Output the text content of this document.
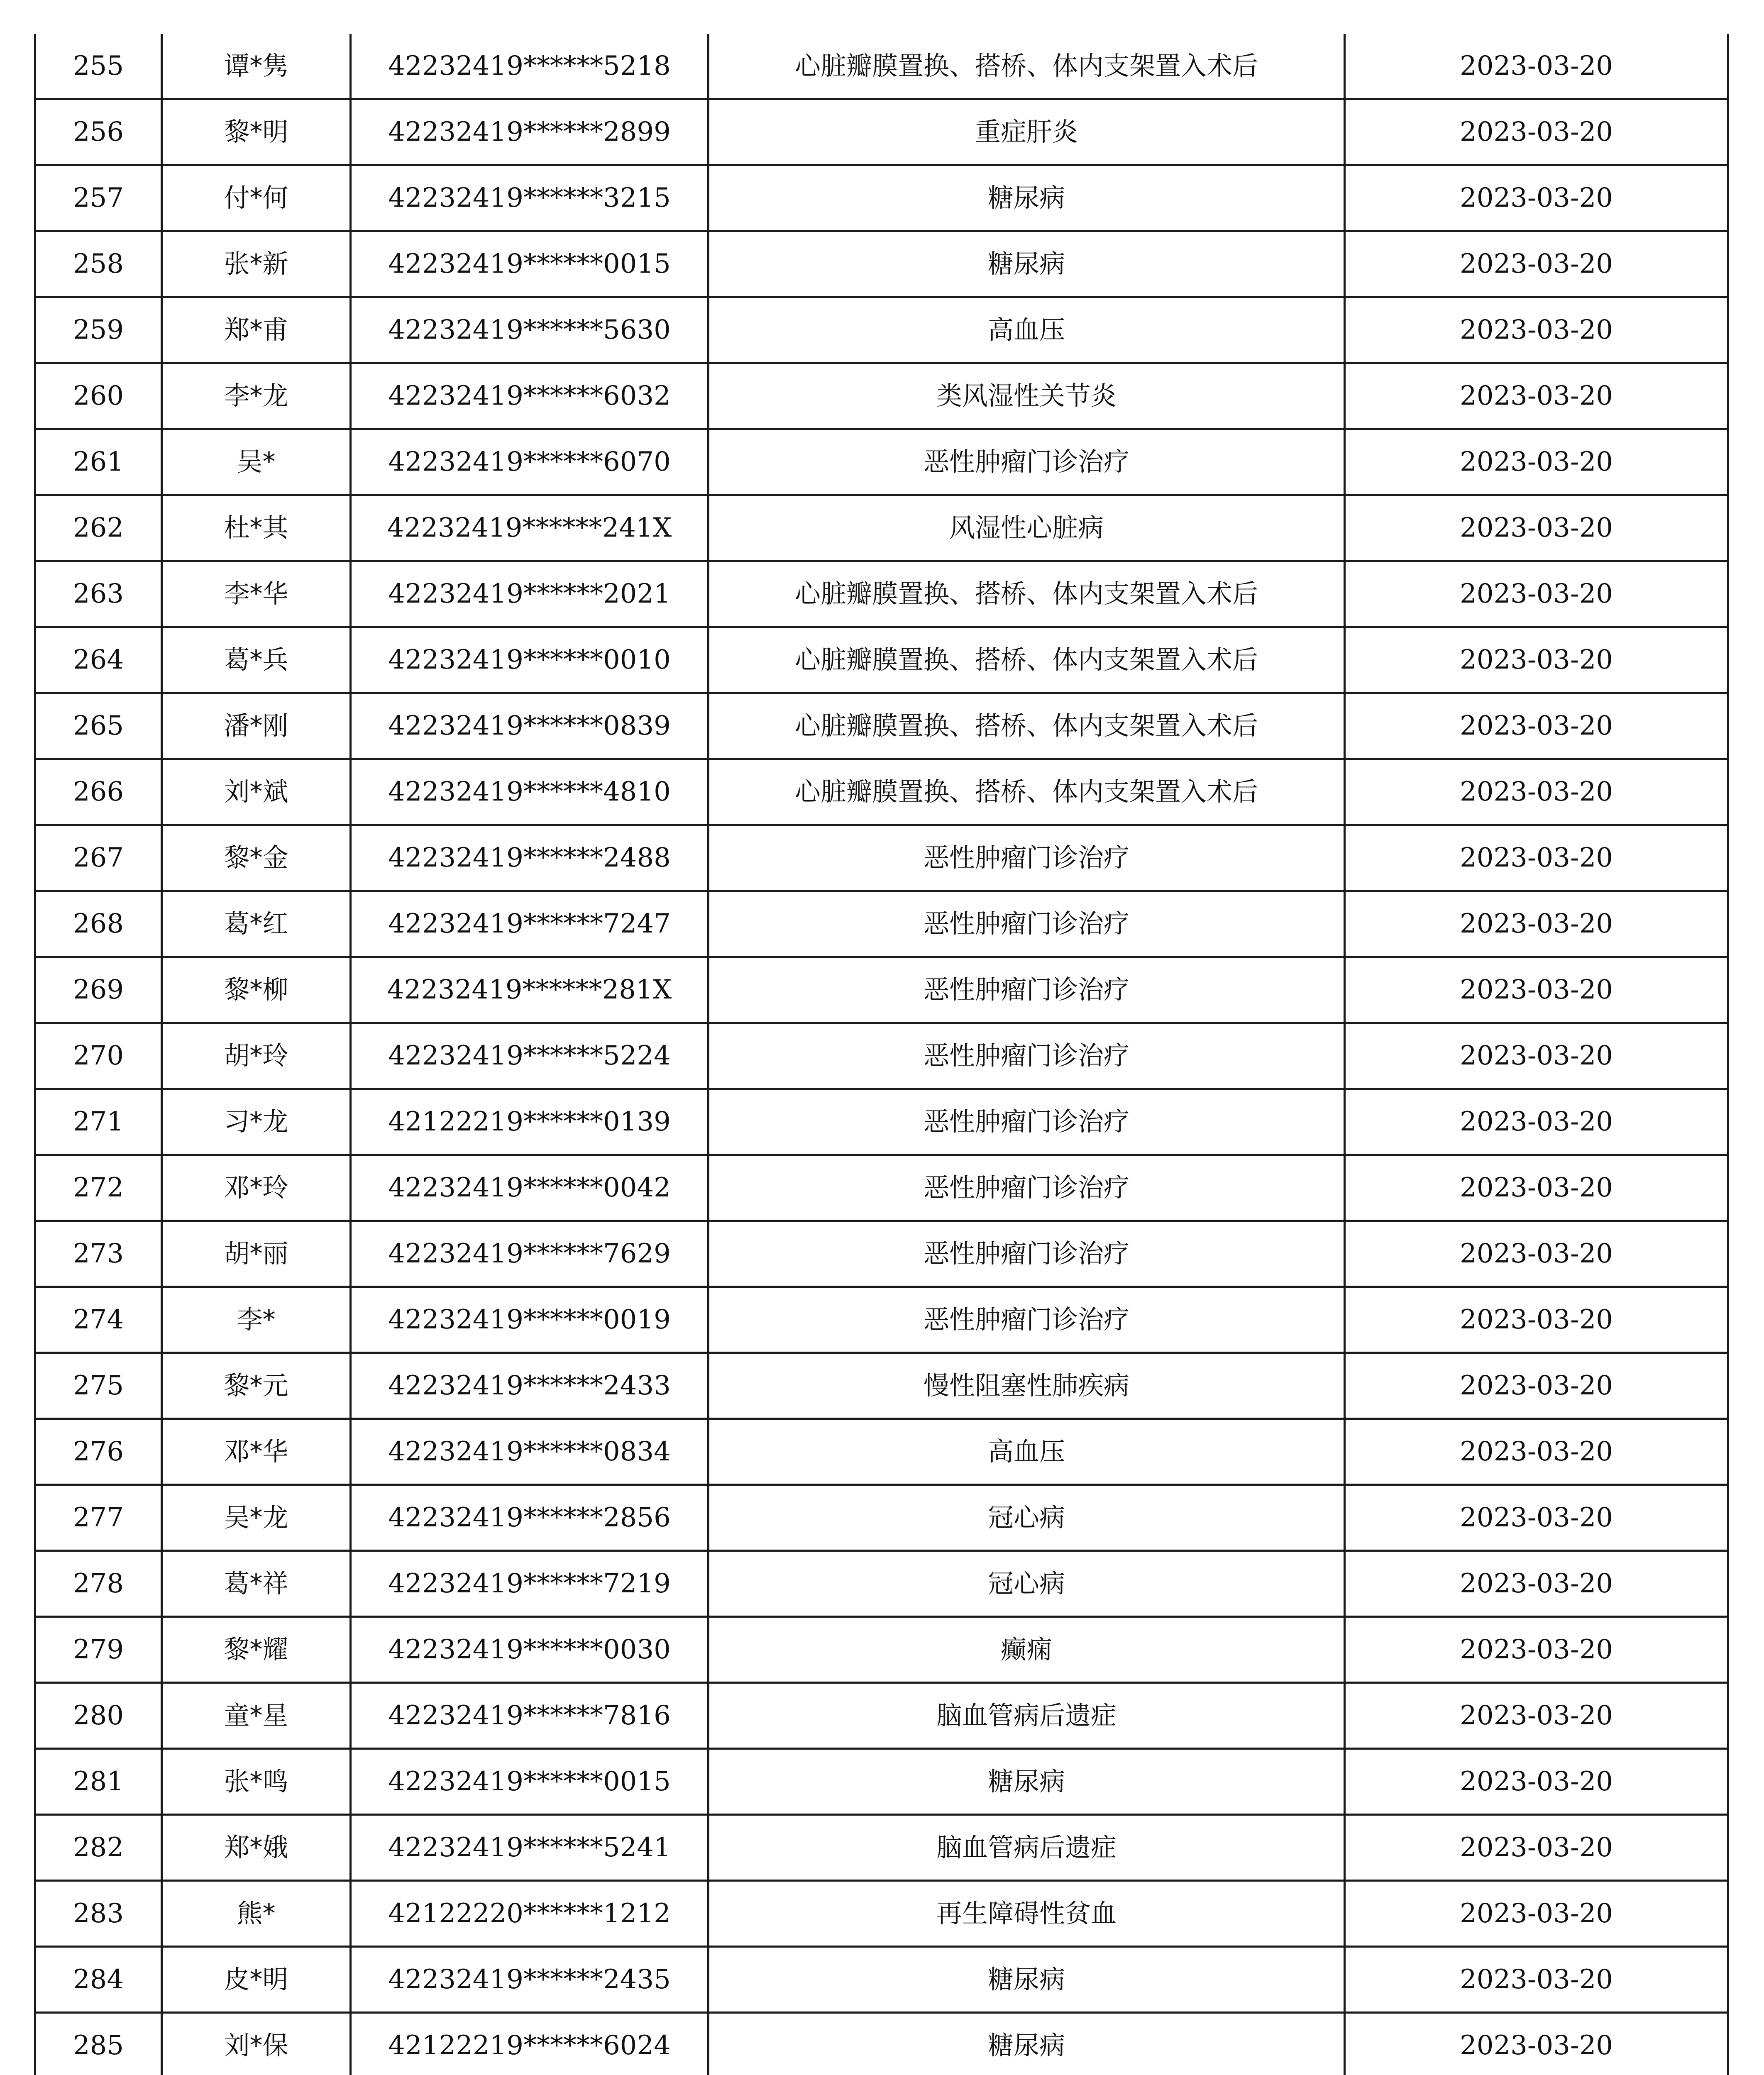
255	谭*隽	42232419******5218	心脏瓣膜置换、搭桥、体内支架置入术后	2023-03-20
256	黎*明	42232419******2899	重症肝炎	2023-03-20
257	付*何	42232419******3215	糖尿病	2023-03-20
258	张*新	42232419******0015	糖尿病	2023-03-20
259	郑*甫	42232419******5630	高血压	2023-03-20
260	李*龙	42232419******6032	类风湿性关节炎	2023-03-20
261	吴*	42232419******6070	恶性肿瘤门诊治疗	2023-03-20
262	杜*其	42232419******241X	风湿性心脏病	2023-03-20
263	李*华	42232419******2021	心脏瓣膜置换、搭桥、体内支架置入术后	2023-03-20
264	葛*兵	42232419******0010	心脏瓣膜置换、搭桥、体内支架置入术后	2023-03-20
265	潘*刚	42232419******0839	心脏瓣膜置换、搭桥、体内支架置入术后	2023-03-20
266	刘*斌	42232419******4810	心脏瓣膜置换、搭桥、体内支架置入术后	2023-03-20
267	黎*金	42232419******2488	恶性肿瘤门诊治疗	2023-03-20
268	葛*红	42232419******7247	恶性肿瘤门诊治疗	2023-03-20
269	黎*柳	42232419******281X	恶性肿瘤门诊治疗	2023-03-20
270	胡*玲	42232419******5224	恶性肿瘤门诊治疗	2023-03-20
271	习*龙	42122219******0139	恶性肿瘤门诊治疗	2023-03-20
272	邓*玲	42232419******0042	恶性肿瘤门诊治疗	2023-03-20
273	胡*丽	42232419******7629	恶性肿瘤门诊治疗	2023-03-20
274	李*	42232419******0019	恶性肿瘤门诊治疗	2023-03-20
275	黎*元	42232419******2433	慢性阻塞性肺疾病	2023-03-20
276	邓*华	42232419******0834	高血压	2023-03-20
277	吴*龙	42232419******2856	冠心病	2023-03-20
278	葛*祥	42232419******7219	冠心病	2023-03-20
279	黎*耀	42232419******0030	癫痫	2023-03-20
280	童*星	42232419******7816	脑血管病后遗症	2023-03-20
281	张*鸣	42232419******0015	糖尿病	2023-03-20
282	郑*娥	42232419******5241	脑血管病后遗症	2023-03-20
283	熊*	42122220******1212	再生障碍性贫血	2023-03-20
284	皮*明	42232419******2435	糖尿病	2023-03-20
285	刘*保	42122219******6024	糖尿病	2023-03-20
